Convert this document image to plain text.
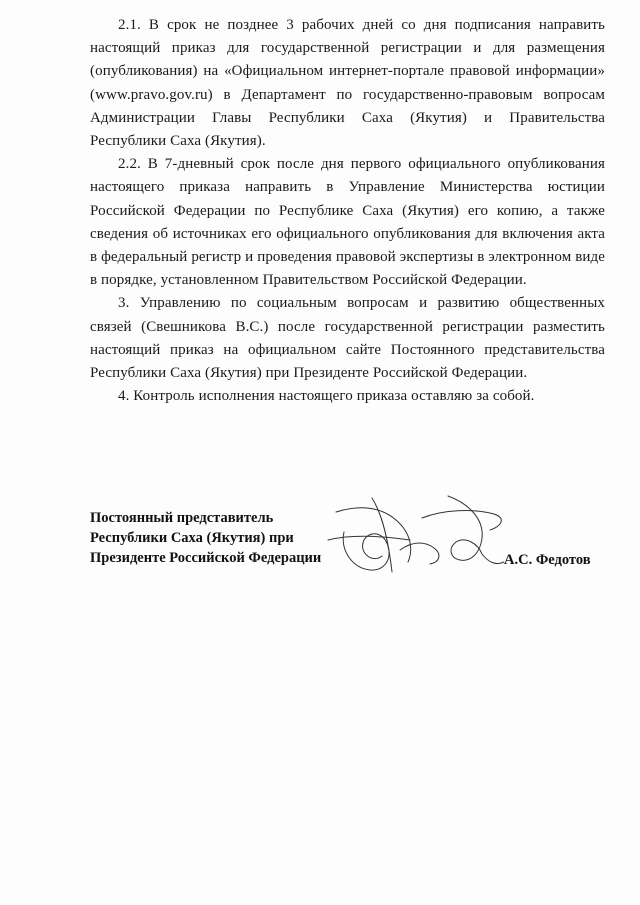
2.1. В срок не позднее 3 рабочих дней со дня подписания направить настоящий приказ для государственной регистрации и для размещения (опубликования) на «Официальном интернет-портале правовой информации» (www.pravo.gov.ru) в Департамент по государственно-правовым вопросам Администрации Главы Республики Саха (Якутия) и Правительства Республики Саха (Якутия).

2.2. В 7-дневный срок после дня первого официального опубликования настоящего приказа направить в Управление Министерства юстиции Российской Федерации по Республике Саха (Якутия) его копию, а также сведения об источниках его официального опубликования для включения акта в федеральный регистр и проведения правовой экспертизы в электронном виде в порядке, установленном Правительством Российской Федерации.

3. Управлению по социальным вопросам и развитию общественных связей (Свешникова В.С.) после государственной регистрации разместить настоящий приказ на официальном сайте Постоянного представительства Республики Саха (Якутия) при Президенте Российской Федерации.

4. Контроль исполнения настоящего приказа оставляю за собой.

Постоянный представитель
Республики Саха (Якутия) при
Президенте Российской Федерации	А.С. Федотов
